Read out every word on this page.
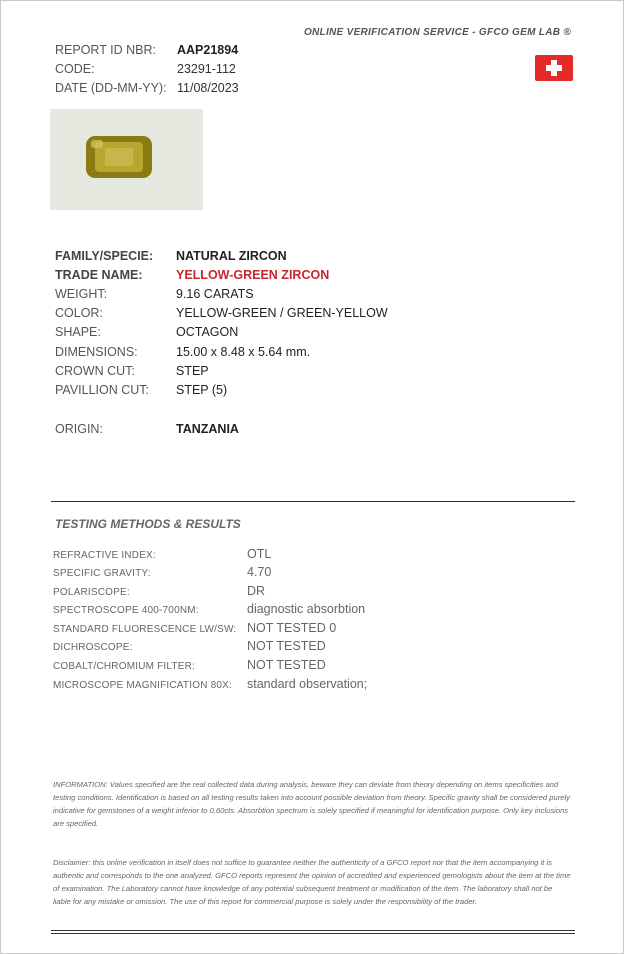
ONLINE VERIFICATION SERVICE - GFCO GEM LAB ®
REPORT ID NBR: AAP21894
CODE:	23291-112
DATE (DD-MM-YY): 11/08/2023
FAMILY/SPECIE: NATURAL ZIRCON
TRADE NAME:	YELLOW-GREEN ZIRCON
WEIGHT:	9.16 CARATS
COLOR:	YELLOW-GREEN / GREEN-YELLOW
SHAPE:	OCTAGON
DIMENSIONS:	15.00 x 8.48 x 5.64 mm.
CROWN CUT:	STEP
PAVILLION CUT: STEP (5)
ORIGIN:	TANZANIA
TESTING METHODS & RESULTS
REFRACTIVE INDEX:	OTL
SPECIFIC GRAVITY:	4.70
POLARISCOPE:	DR
SPECTROSCOPE 400-700NM:	diagnostic absorbtion
STANDARD FLUORESCENCE LW/SW: NOT TESTED 0
DICHROSCOPE:	NOT TESTED
COBALT/CHROMIUM FILTER:	NOT TESTED
MICROSCOPE MAGNIFICATION 80X: standard observation;
INFORMATION: Values specified are the real collected data during analysis, beware they can deviate from theory depending on items specificities and testing conditions. Identification is based on all testing results taken into account possible deviation from theory. Specific gravity shall be considered purely indicative for gemstones of a weight inferior to 0.60cts. Absorbtion spectrum is solely specified if meaningful for identification purpose. Only key inclusions are specified.
Disclaimer: this online verification in itself does not suffice to guarantee neither the authenticity of a GFCO report nor that the item accompanying it is authentic and corresponds to the one analyzed. GFCO reports represent the opinion of accredited and experienced gemologists about the item at the time of examination. The Laboratory cannot have knowledge of any potential subsequent treatment or modification of the item. The laboratory shall not be liable for any mistake or omission. The use of this report for commercial purpose is solely under the responsibility of the trader.
